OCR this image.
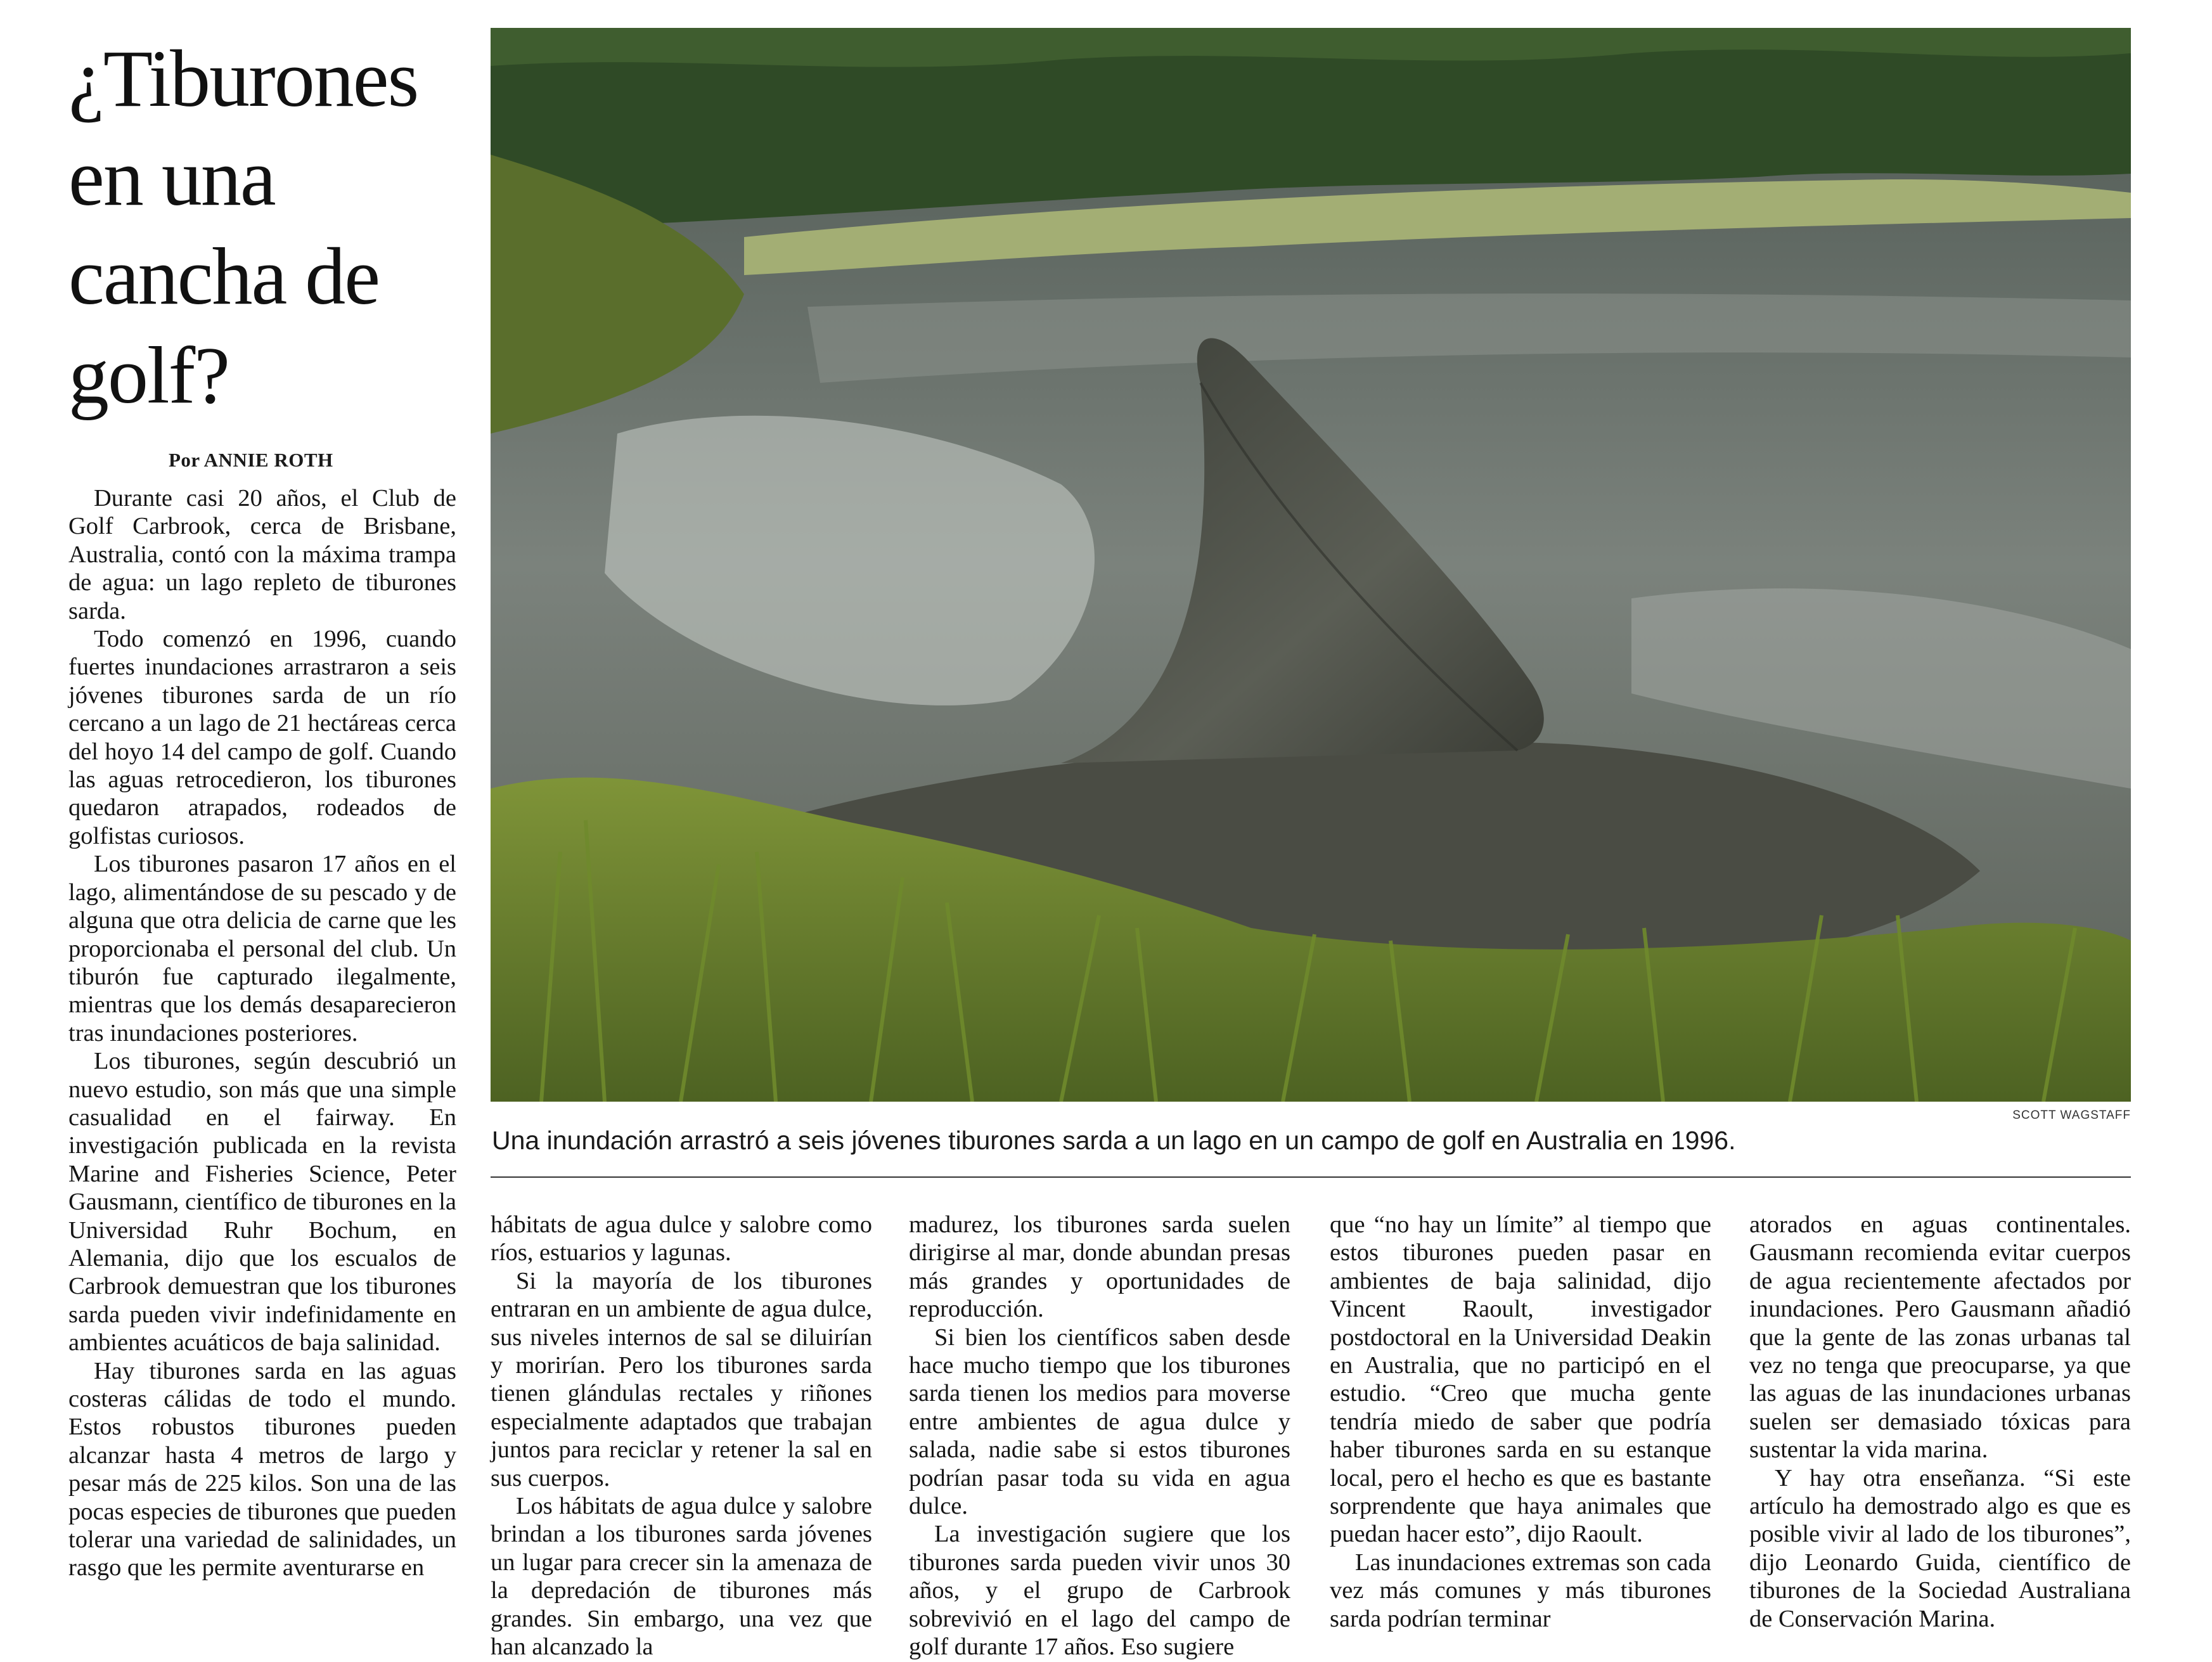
¿Tiburones en una cancha de golf?
Por ANNIE ROTH

Durante casi 20 años, el Club de Golf Carbrook, cerca de Brisbane, Australia, contó con la máxima trampa de agua: un lago repleto de tiburones sarda.

Todo comenzó en 1996, cuando fuertes inundaciones arrastraron a seis jóvenes tiburones sarda de un río cercano a un lago de 21 hectáreas cerca del hoyo 14 del campo de golf. Cuando las aguas retrocedieron, los tiburones quedaron atrapados, rodeados de golfistas curiosos.

Los tiburones pasaron 17 años en el lago, alimentándose de su pescado y de alguna que otra delicia de carne que les proporcionaba el personal del club. Un tiburón fue capturado ilegalmente, mientras que los demás desaparecieron tras inundaciones posteriores.

Los tiburones, según descubrió un nuevo estudio, son más que una simple casualidad en el fairway. En investigación publicada en la revista Marine and Fisheries Science, Peter Gausmann, científico de tiburones en la Universidad Ruhr Bochum, en Alemania, dijo que los escualos de Carbrook demuestran que los tiburones sarda pueden vivir indefinidamente en ambientes acuáticos de baja salinidad.

Hay tiburones sarda en las aguas costeras cálidas de todo el mundo. Estos robustos tiburones pueden alcanzar hasta 4 metros de largo y pesar más de 225 kilos. Son una de las pocas especies de tiburones que pueden tolerar una variedad de salinidades, un rasgo que les permite aventurarse en

SCOTT WAGSTAFF
Una inundación arrastró a seis jóvenes tiburones sarda a un lago en un campo de golf en Australia en 1996.

hábitats de agua dulce y salobre como ríos, estuarios y lagunas.

Si la mayoría de los tiburones entraran en un ambiente de agua dulce, sus niveles internos de sal se diluirían y morirían. Pero los tiburones sarda tienen glándulas rectales y riñones especialmente adaptados que trabajan juntos para reciclar y retener la sal en sus cuerpos.

Los hábitats de agua dulce y salobre brindan a los tiburones sarda jóvenes un lugar para crecer sin la amenaza de la depredación de tiburones más grandes. Sin embargo, una vez que han alcanzado la

madurez, los tiburones sarda suelen dirigirse al mar, donde abundan presas más grandes y oportunidades de reproducción.

Si bien los científicos saben desde hace mucho tiempo que los tiburones sarda tienen los medios para moverse entre ambientes de agua dulce y salada, nadie sabe si estos tiburones podrían pasar toda su vida en agua dulce.

La investigación sugiere que los tiburones sarda pueden vivir unos 30 años, y el grupo de Carbrook sobrevivió en el lago del campo de golf durante 17 años. Eso sugiere

que “no hay un límite” al tiempo que estos tiburones pueden pasar en ambientes de baja salinidad, dijo Vincent Raoult, investigador postdoctoral en la Universidad Deakin en Australia, que no participó en el estudio. “Creo que mucha gente tendría miedo de saber que podría haber tiburones sarda en su estanque local, pero el hecho es que es bastante sorprendente que haya animales que puedan hacer esto”, dijo Raoult.

Las inundaciones extremas son cada vez más comunes y más tiburones sarda podrían terminar

atorados en aguas continentales. Gausmann recomienda evitar cuerpos de agua recientemente afectados por inundaciones. Pero Gausmann añadió que la gente de las zonas urbanas tal vez no tenga que preocuparse, ya que las aguas de las inundaciones urbanas suelen ser demasiado tóxicas para sustentar la vida marina.

Y hay otra enseñanza. “Si este artículo ha demostrado algo es que es posible vivir al lado de los tiburones”, dijo Leonardo Guida, científico de tiburones de la Sociedad Australiana de Conservación Marina.
